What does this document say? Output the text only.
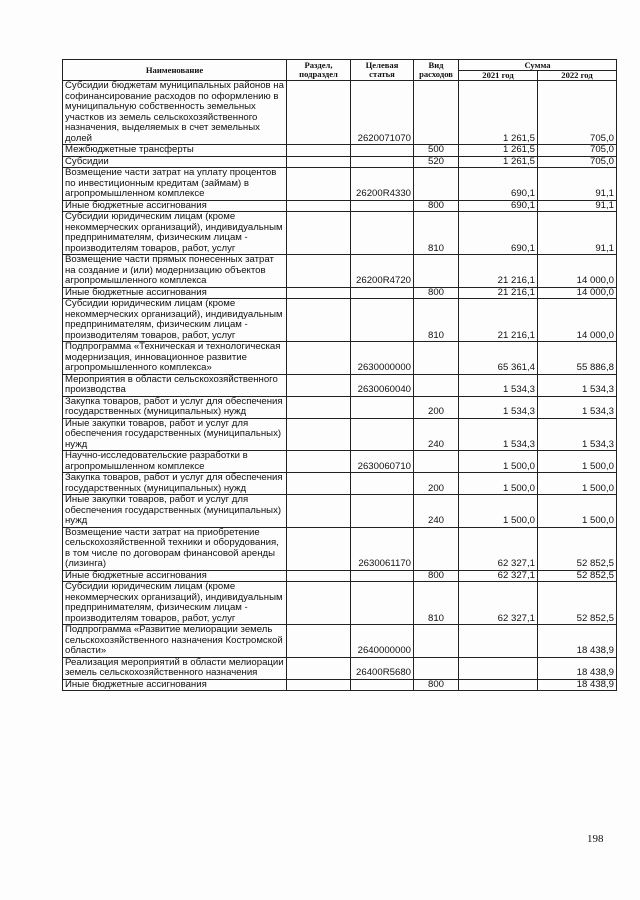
Наименование	Раздел, подраздел	Целевая статья	Вид расходов	Сумма	
				2021 год	2022 год
Субсидии бюджетам муниципальных районов на софинансирование расходов по оформлению в муниципальную собственность земельных участков из земель сельскохозяйственного назначения, выделяемых в счет земельных долей		2620071070		1 261,5	705,0
Межбюджетные трансферты			500	1 261,5	705,0
Субсидии			520	1 261,5	705,0
Возмещение части затрат на уплату процентов по инвестиционным кредитам (займам) в агропромышленном комплексе		26200R4330		690,1	91,1
Иные бюджетные ассигнования			800	690,1	91,1
Субсидии юридическим лицам (кроме некоммерческих организаций), индивидуальным предпринимателям, физическим лицам - производителям товаров, работ, услуг			810	690,1	91,1
Возмещение части прямых понесенных затрат на создание и (или) модернизацию объектов агропромышленного комплекса		26200R4720		21 216,1	14 000,0
Иные бюджетные ассигнования			800	21 216,1	14 000,0
Субсидии юридическим лицам (кроме некоммерческих организаций), индивидуальным предпринимателям, физическим лицам - производителям товаров, работ, услуг			810	21 216,1	14 000,0
Подпрограмма «Техническая и технологическая модернизация, инновационное развитие агропромышленного комплекса»		2630000000		65 361,4	55 886,8
Мероприятия в области сельскохозяйственного производства		2630060040		1 534,3	1 534,3
Закупка товаров, работ и услуг для обеспечения государственных (муниципальных) нужд			200	1 534,3	1 534,3
Иные закупки товаров, работ и услуг для обеспечения государственных (муниципальных) нужд			240	1 534,3	1 534,3
Научно-исследовательские разработки в агропромышленном комплексе		2630060710		1 500,0	1 500,0
Закупка товаров, работ и услуг для обеспечения государственных (муниципальных) нужд			200	1 500,0	1 500,0
Иные закупки товаров, работ и услуг для обеспечения государственных (муниципальных) нужд			240	1 500,0	1 500,0
Возмещение части затрат на приобретение сельскохозяйственной техники и оборудования, в том числе по договорам финансовой аренды (лизинга)		2630061170		62 327,1	52 852,5
Иные бюджетные ассигнования			800	62 327,1	52 852,5
Субсидии юридическим лицам (кроме некоммерческих организаций), индивидуальным предпринимателям, физическим лицам - производителям товаров, работ, услуг			810	62 327,1	52 852,5
Подпрограмма «Развитие мелиорации земель сельскохозяйственного назначения Костромской области»		2640000000			18 438,9
Реализация мероприятий в области мелиорации земель сельскохозяйственного назначения		26400R5680			18 438,9
Иные бюджетные ассигнования			800		18 438,9
198
